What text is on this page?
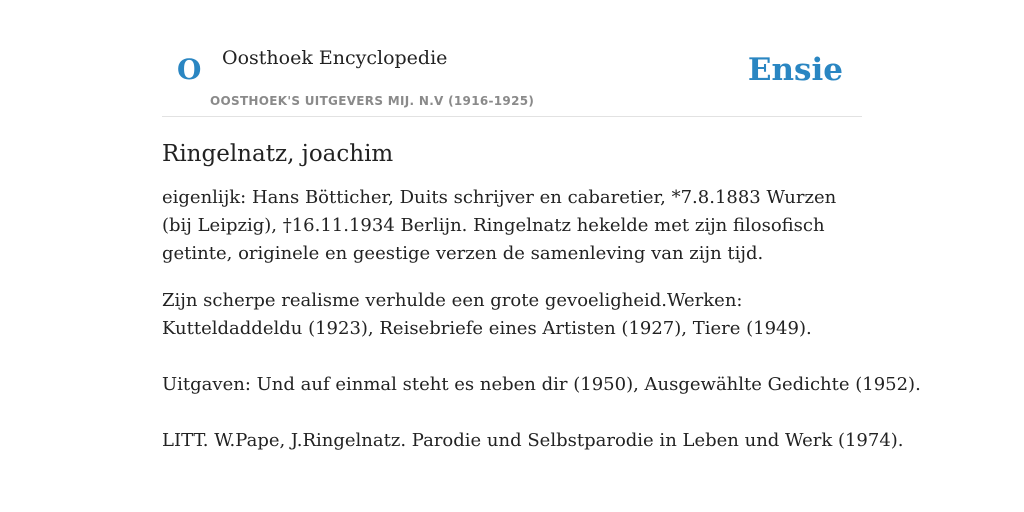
O Oosthoek Encyclopedie
OOSTHOEK'S UITGEVERS MIJ. N.V (1916-1925)
Ensie
Ringelnatz, joachim

eigenlijk: Hans Bötticher, Duits schrijver en cabaretier, *7.8.1883 Wurzen (bij Leipzig), †16.11.1934 Berlijn. Ringelnatz hekelde met zijn filosofisch getinte, originele en geestige verzen de samenleving van zijn tijd.

Zijn scherpe realisme verhulde een grote gevoeligheid.Werken: Kutteldaddeldu (1923), Reisebriefe eines Artisten (1927), Tiere (1949).

Uitgaven: Und auf einmal steht es neben dir (1950), Ausgewählte Gedichte (1952).

LITT. W.Pape, J.Ringelnatz. Parodie und Selbstparodie in Leben und Werk (1974).
